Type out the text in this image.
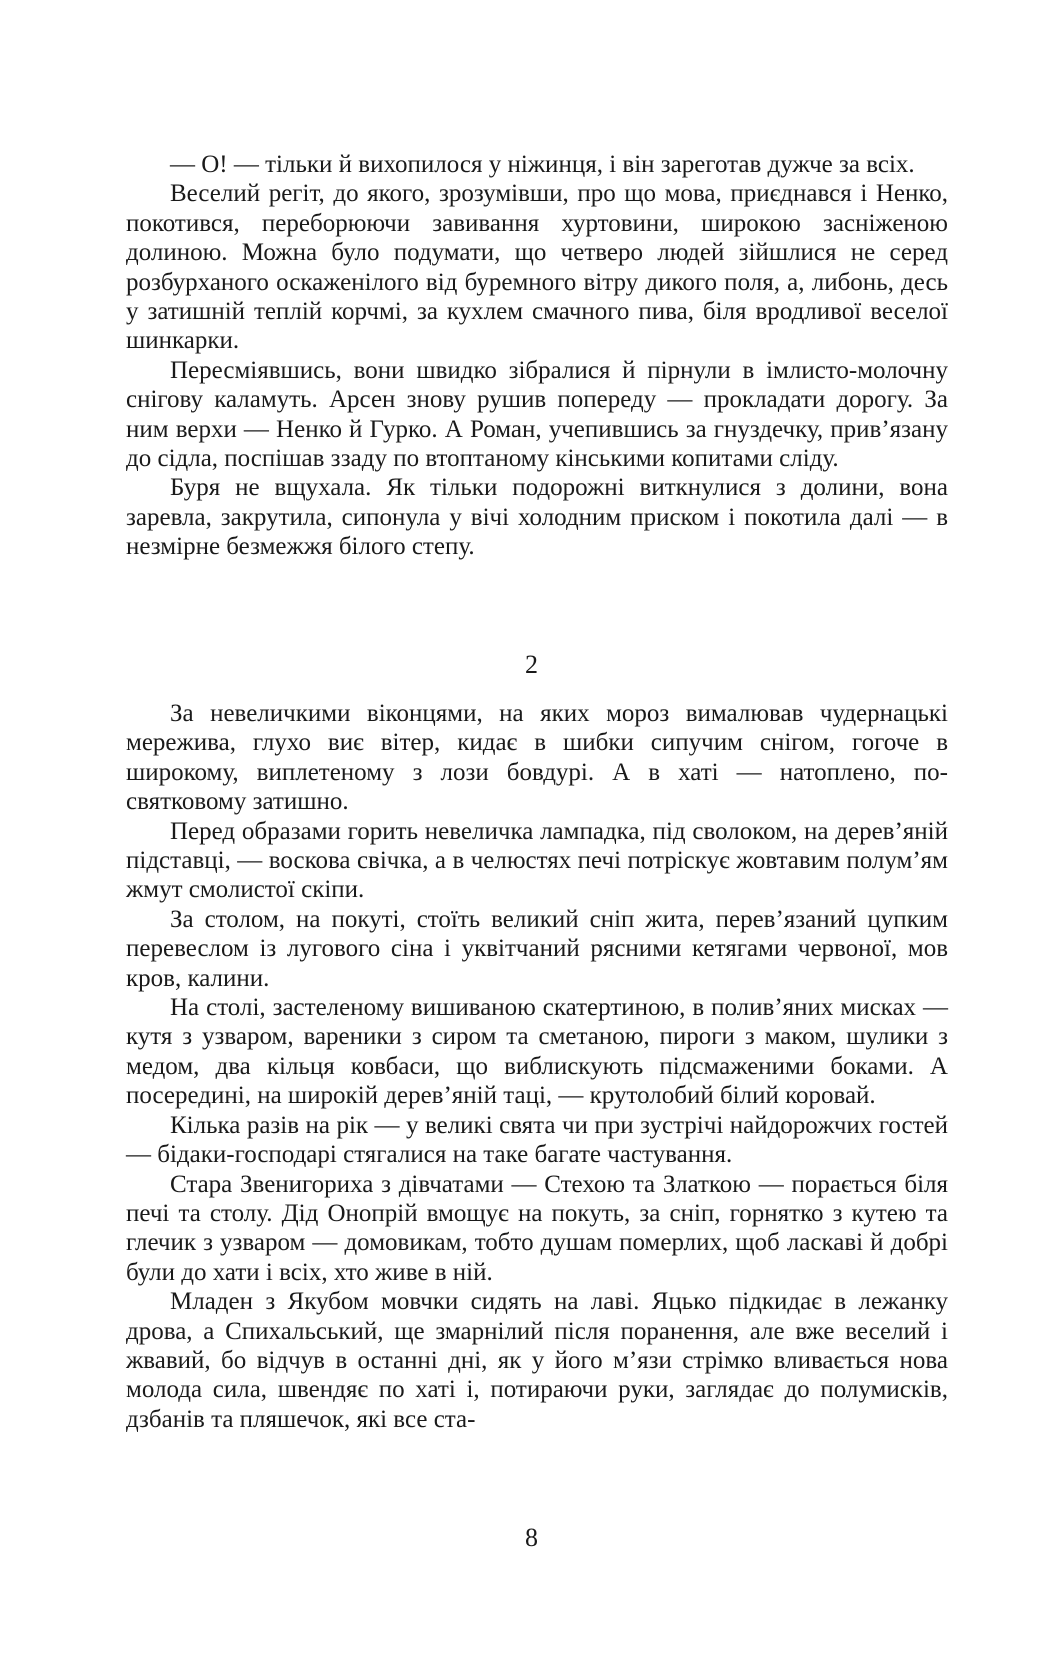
— О! — тільки й вихопилося у ніжинця, і він зареготав дужче за всіх.

Веселий регіт, до якого, зрозумівши, про що мова, приєднався і Ненко, покотився, переборюючи завивання хуртовини, широкою засніженою долиною. Можна було подумати, що четверо людей зійшлися не серед розбурханого оскаженілого від буремного вітру дикого поля, а, либонь, десь у затишній теплій корчмі, за кухлем смачного пива, біля вродливої веселої шинкарки.

Пересміявшись, вони швидко зібралися й пірнули в імлисто-молочну снігову каламуть. Арсен знову рушив попереду — прокладати дорогу. За ним верхи — Ненко й Гурко. А Роман, учепившись за гнуздечку, прив’язану до сідла, поспішав ззаду по втоптаному кінськими копитами сліду.

Буря не вщухала. Як тільки подорожні виткнулися з долини, вона заревла, закрутила, сипонула у вічі холодним приском і покотила далі — в незмірне безмежжя білого степу.

2

За невеличкими віконцями, на яких мороз вималював чудернацькі мережива, глухо виє вітер, кидає в шибки сипучим снігом, гогоче в широкому, виплетеному з лози бовдурі. А в хаті — натоплено, по-святковому затишно.

Перед образами горить невеличка лампадка, під сволоком, на дерев’яній підставці, — воскова свічка, а в челюстях печі потріскує жовтавим полум’ям жмут смолистої скіпи.

За столом, на покуті, стоїть великий сніп жита, перев’язаний цупким перевеслом із лугового сіна і уквітчаний рясними кетягами червоної, мов кров, калини.

На столі, застеленому вишиваною скатертиною, в полив’яних мисках — кутя з узваром, вареники з сиром та сметаною, пироги з маком, шулики з медом, два кільця ковбаси, що виблискують підсмаженими боками. А посередині, на широкій дерев’яній таці, — крутолобий білий коровай.

Кілька разів на рік — у великі свята чи при зустрічі найдорожчих гостей — бідаки-господарі стягалися на таке багате частування.

Стара Звенигориха з дівчатами — Стехою та Златкою — порається біля печі та столу. Дід Онопрій вмощує на покуть, за сніп, горнятко з кутею та глечик з узваром — домовикам, тобто душам померлих, щоб ласкаві й добрі були до хати і всіх, хто живе в ній.

Младен з Якубом мовчки сидять на лаві. Яцько підкидає в лежанку дрова, а Спихальський, ще змарнілий після поранення, але вже веселий і жвавий, бо відчув в останні дні, як у його м’язи стрімко вливається нова молода сила, швендяє по хаті і, потираючи руки, заглядає до полумисків, дзбанів та пляшечок, які все ста-

8
